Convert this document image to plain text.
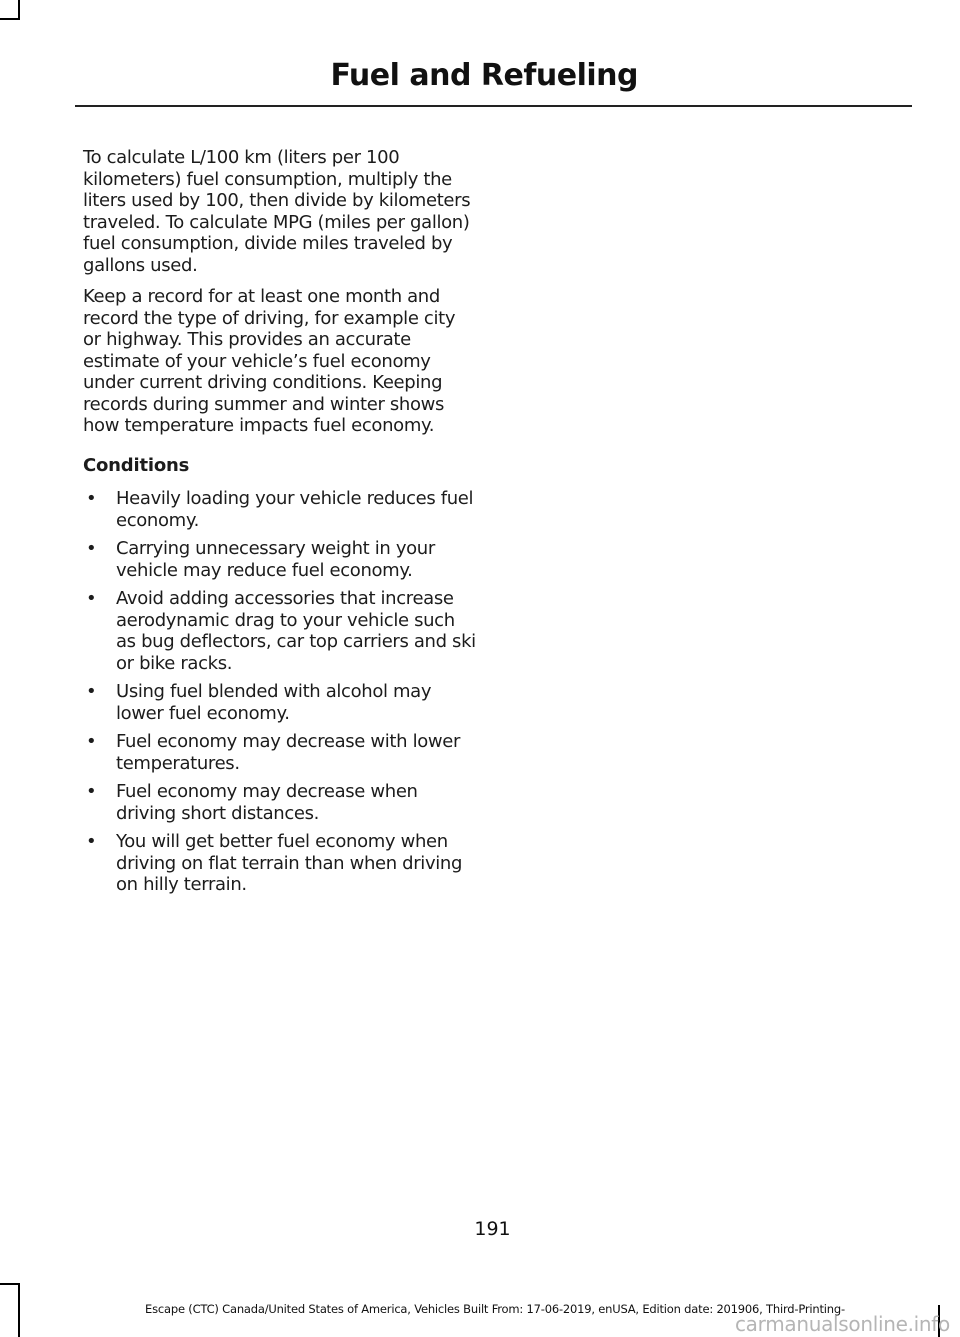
Fuel and Refueling

To calculate L/100 km (liters per 100 kilometers) fuel consumption, multiply the liters used by 100, then divide by kilometers traveled. To calculate MPG (miles per gallon) fuel consumption, divide miles traveled by gallons used.

Keep a record for at least one month and record the type of driving, for example city or highway. This provides an accurate estimate of your vehicle’s fuel economy under current driving conditions. Keeping records during summer and winter shows how temperature impacts fuel economy.

Conditions
• Heavily loading your vehicle reduces fuel economy.
• Carrying unnecessary weight in your vehicle may reduce fuel economy.
• Avoid adding accessories that increase aerodynamic drag to your vehicle such as bug deflectors, car top carriers and ski or bike racks.
• Using fuel blended with alcohol may lower fuel economy.
• Fuel economy may decrease with lower temperatures.
• Fuel economy may decrease when driving short distances.
• You will get better fuel economy when driving on flat terrain than when driving on hilly terrain.
191
Escape (CTC) Canada/United States of America, Vehicles Built From: 17-06-2019, enUSA, Edition date: 201906, Third-Printing-
carmanualsonline.info
